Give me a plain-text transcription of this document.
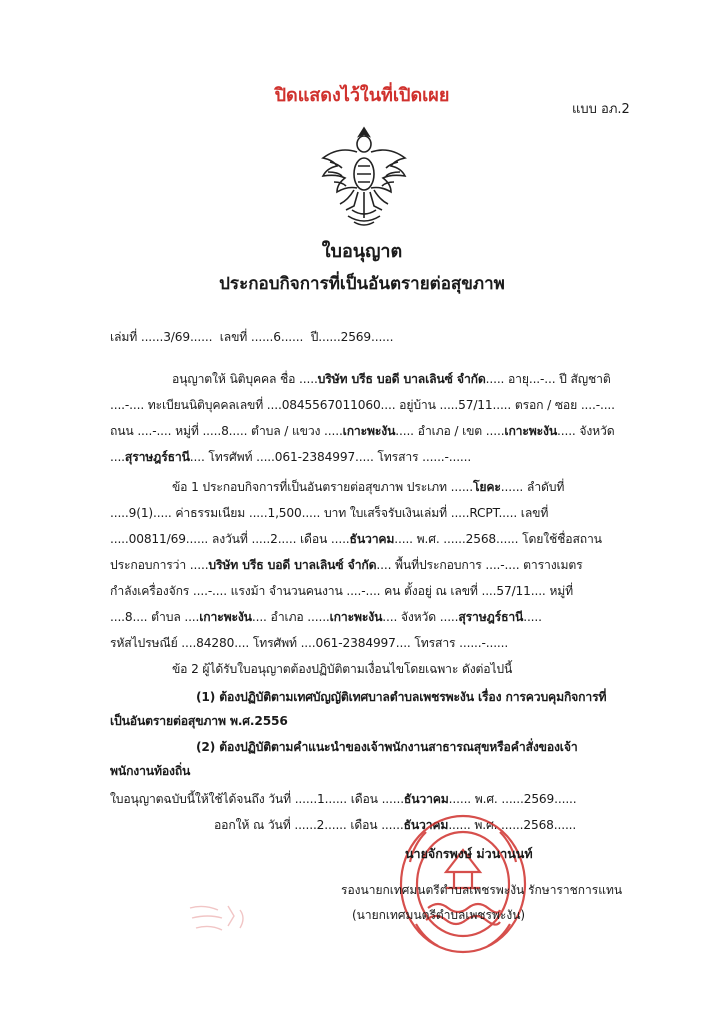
ปิดแสดงไว้ในที่เปิดเผย
แบบ อภ.2
ใบอนุญาต
ประกอบกิจการที่เป็นอันตรายต่อสุขภาพ
เล่มที่ ......3/69...... เลขที่ ......6...... ปี......2569......
อนุญาตให้ นิติบุคคล ชื่อ .....บริษัท บรีธ บอดี บาลเลินซ์ จำกัด..... อายุ...-... ปี สัญชาติ
....-.... ทะเบียนนิติบุคคลเลขที่ ....0845567011060.... อยู่บ้าน .....57/11..... ตรอก / ซอย ....-....
ถนน ....-.... หมู่ที่ .....8..... ตำบล / แขวง .....เกาะพะงัน..... อำเภอ / เขต .....เกาะพะงัน..... จังหวัด
....สุราษฎร์ธานี.... โทรศัพท์ .....061-2384997..... โทรสาร ......-......
ข้อ 1 ประกอบกิจการที่เป็นอันตรายต่อสุขภาพ ประเภท ......โยคะ...... ลำดับที่
.....9(1)..... ค่าธรรมเนียม .....1,500..... บาท ใบเสร็จรับเงินเล่มที่ .....RCPT..... เลขที่
.....00811/69...... ลงวันที่ .....2..... เดือน .....ธันวาคม..... พ.ศ. ......2568...... โดยใช้ชื่อสถาน
ประกอบการว่า .....บริษัท บรีธ บอดี บาลเลินซ์ จำกัด.... พื้นที่ประกอบการ ....-.... ตารางเมตร
กำลังเครื่องจักร ....-.... แรงม้า จำนวนคนงาน ....-.... คน ตั้งอยู่ ณ เลขที่ ....57/11.... หมู่ที่
....8.... ตำบล ....เกาะพะงัน.... อำเภอ ......เกาะพะงัน.... จังหวัด .....สุราษฎร์ธานี.....
รหัสไปรษณีย์ ....84280.... โทรศัพท์ ....061-2384997.... โทรสาร ......-......
ข้อ 2 ผู้ได้รับใบอนุญาตต้องปฏิบัติตามเงื่อนไขโดยเฉพาะ ดังต่อไปนี้
(1) ต้องปฏิบัติตามเทศบัญญัติเทศบาลตำบลเพชรพะงัน เรื่อง การควบคุมกิจการที่
เป็นอันตรายต่อสุขภาพ พ.ศ.2556
(2) ต้องปฏิบัติตามคำแนะนำของเจ้าพนักงานสาธารณสุขหรือคำสั่งของเจ้า
พนักงานท้องถิ่น
ใบอนุญาตฉบับนี้ให้ใช้ได้จนถึง วันที่ ......1...... เดือน ......ธันวาคม...... พ.ศ. ......2569......
ออกให้ ณ วันที่ ......2...... เดือน ......ธันวาคม...... พ.ศ. ......2568......
นายจักรพงษ์ ม่วนานนท์
รองนายกเทศมนตรีตำบลเพชรพะงัน รักษาราชการแทน
(นายกเทศมนตรีตำบลเพชรพะงัน)
